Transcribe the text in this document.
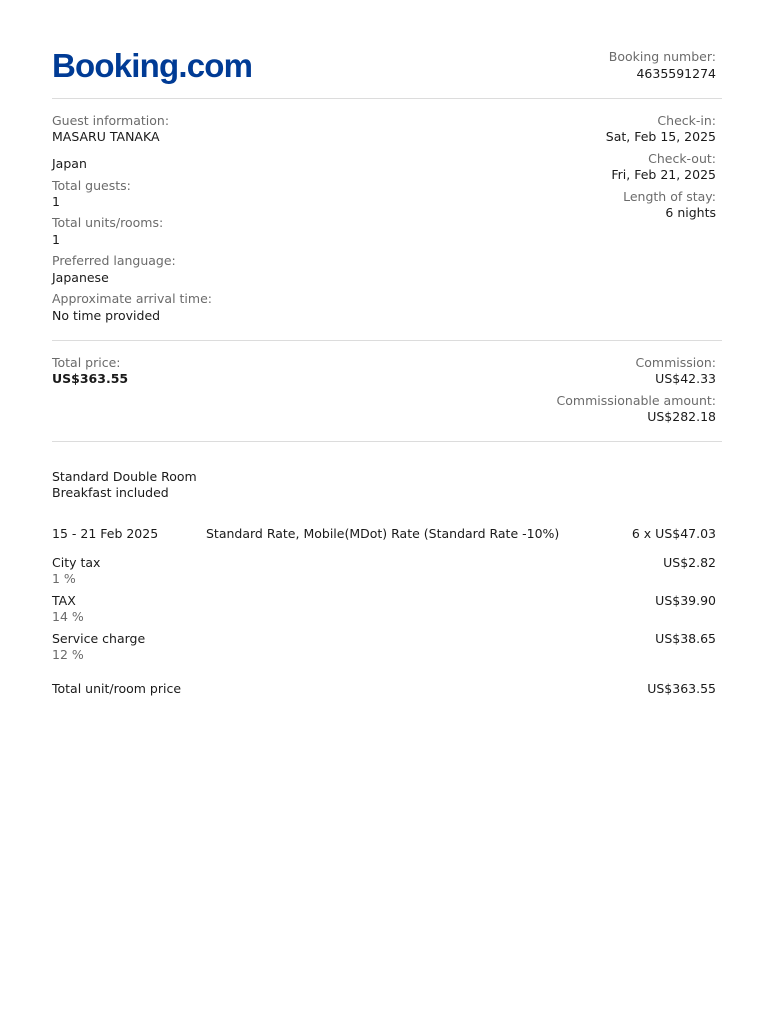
Booking.com	Booking number:
4635591274
Guest information:
MASARU TANAKA
Japan
Total guests:
1
Total units/rooms:
1
Preferred language:
Japanese
Approximate arrival time:
No time provided
Check-in:
Sat, Feb 15, 2025
Check-out:
Fri, Feb 21, 2025
Length of stay:
6 nights
Total price:
US$363.55
Commission:
US$42.33
Commissionable amount:
US$282.18
Standard Double Room
Breakfast included
15 - 21 Feb 2025	Standard Rate, Mobile(MDot) Rate (Standard Rate -10%)	6 x US$47.03
City tax
1 %
US$2.82
TAX
14 %
US$39.90
Service charge
12 %
US$38.65
Total unit/room price	US$363.55
